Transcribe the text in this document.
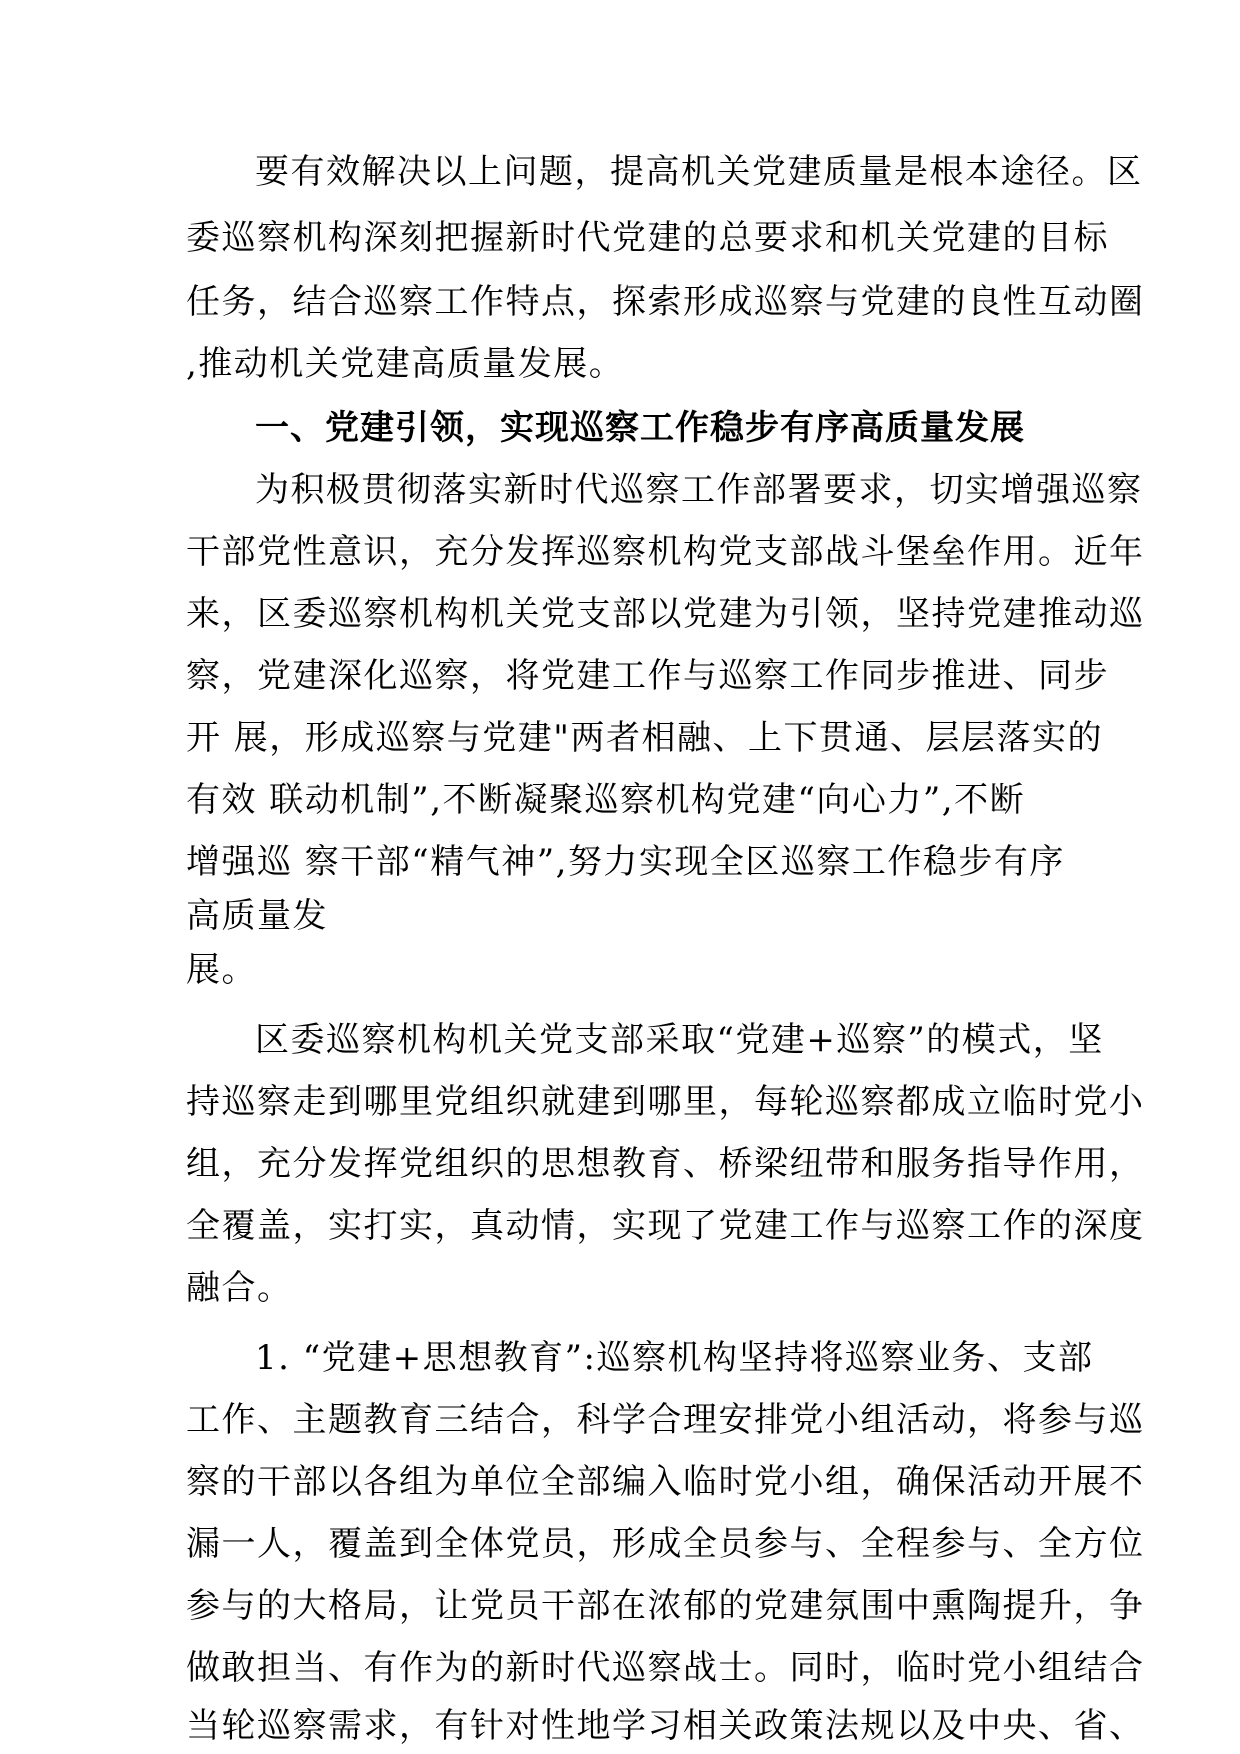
要有效解决以上问题，提高机关党建质量是根本途径。区
委巡察机构深刻把握新时代党建的总要求和机关党建的目标
任务，结合巡察工作特点，探索形成巡察与党建的良性互动圈
,推动机关党建高质量发展。
一、党建引领，实现巡察工作稳步有序高质量发展
为积极贯彻落实新时代巡察工作部署要求，切实增强巡察
干部党性意识，充分发挥巡察机构党支部战斗堡垒作用。近年
来，区委巡察机构机关党支部以党建为引领，坚持党建推动巡
察，党建深化巡察，将党建工作与巡察工作同步推进、同步
开 展，形成巡察与党建"两者相融、上下贯通、层层落实的
有效 联动机制”,不断凝聚巡察机构党建“向心力”,不断
增强巡 察干部“精气神”,努力实现全区巡察工作稳步有序
高质量发
展。
区委巡察机构机关党支部采取“党建+巡察”的模式，坚
持巡察走到哪里党组织就建到哪里，每轮巡察都成立临时党小
组，充分发挥党组织的思想教育、桥梁纽带和服务指导作用，
全覆盖，实打实，真动情，实现了党建工作与巡察工作的深度
融合。
1. “党建+思想教育”:巡察机构坚持将巡察业务、支部
工作、主题教育三结合，科学合理安排党小组活动，将参与巡
察的干部以各组为单位全部编入临时党小组，确保活动开展不
漏一人，覆盖到全体党员，形成全员参与、全程参与、全方位
参与的大格局，让党员干部在浓郁的党建氛围中熏陶提升，争
做敢担当、有作为的新时代巡察战士。同时，临时党小组结合
当轮巡察需求，有针对性地学习相关政策法规以及中央、省、
